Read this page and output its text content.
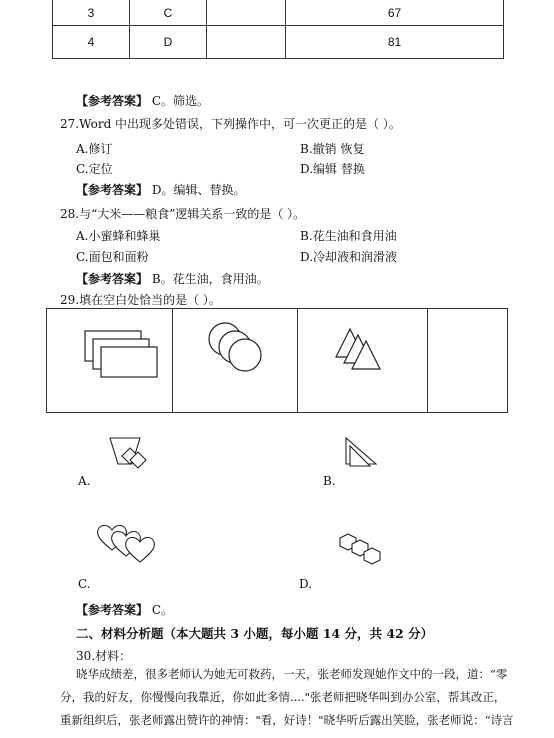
3	C		67
4	D		81
【参考答案】 C。筛选。
27.Word 中出现多处错误，下列操作中，可一次更正的是（ ）。
A.修订	B.撤销 恢复
C.定位	D.编辑 替换
【参考答案】 D。编辑、替换。
28.与“大米——粮食”逻辑关系一致的是（ ）。
A.小蜜蜂和蜂巢	B.花生油和食用油
C.面包和面粉	D.冷却液和润滑液
【参考答案】 B。花生油，食用油。
29.填在空白处恰当的是（ ）。
A.	B.
C.	D.
【参考答案】 C。
二、材料分析题（本大题共 3 小题，每小题 14 分，共 42 分）
30.材料：
晓华成绩差，很多老师认为她无可救药，一天，张老师发现她作文中的一段，道：“零
分，我的好友，你慢慢向我靠近，你如此多情...."张老师把晓华叫到办公室，帮其改正，
重新组织后，张老师露出赞许的神情："看，好诗！"晓华听后露出笑脸，张老师说：“诗言
